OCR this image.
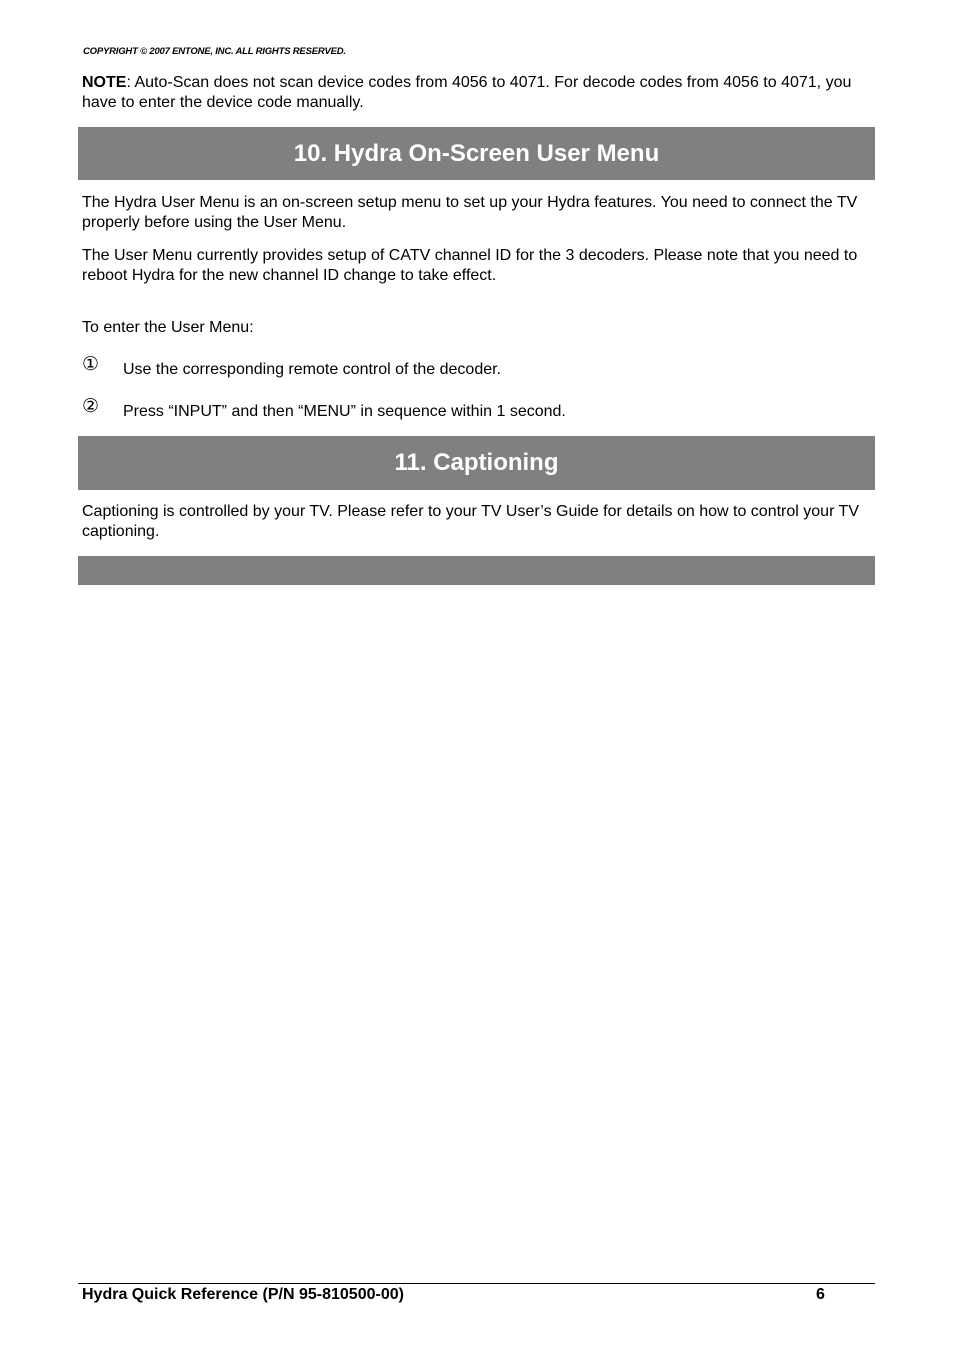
COPYRIGHT © 2007 ENTONE, INC. ALL RIGHTS RESERVED.
NOTE: Auto-Scan does not scan device codes from 4056 to 4071. For decode codes from 4056 to 4071, you have to enter the device code manually.
10. Hydra On-Screen User Menu
The Hydra User Menu is an on-screen setup menu to set up your Hydra features. You need to connect the TV properly before using the User Menu.
The User Menu currently provides setup of CATV channel ID for the 3 decoders. Please note that you need to reboot Hydra for the new channel ID change to take effect.
To enter the User Menu:
①	Use the corresponding remote control of the decoder.
②	Press “INPUT” and then “MENU” in sequence within 1 second.
11. Captioning
Captioning is controlled by your TV. Please refer to your TV User’s Guide for details on how to control your TV captioning.
Hydra Quick Reference (P/N 95-810500-00)	6
